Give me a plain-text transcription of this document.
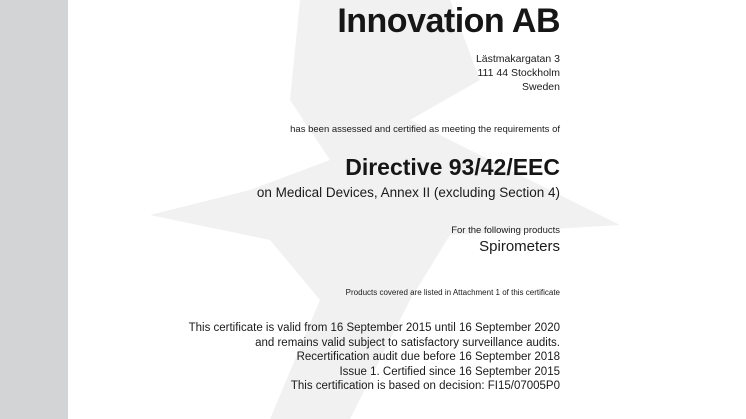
Innovation AB
Lästmakargatan 3
111 44 Stockholm
Sweden
has been assessed and certified as meeting the requirements of
Directive 93/42/EEC
on Medical Devices, Annex II (excluding Section 4)
For the following products
Spirometers
Products covered are listed in Attachment 1 of this certificate
This certificate is valid from 16 September 2015 until 16 September 2020
and remains valid subject to satisfactory surveillance audits.
Recertification audit due before 16 September 2018
Issue 1. Certified since 16 September 2015
This certification is based on decision: FI15/07005P0
